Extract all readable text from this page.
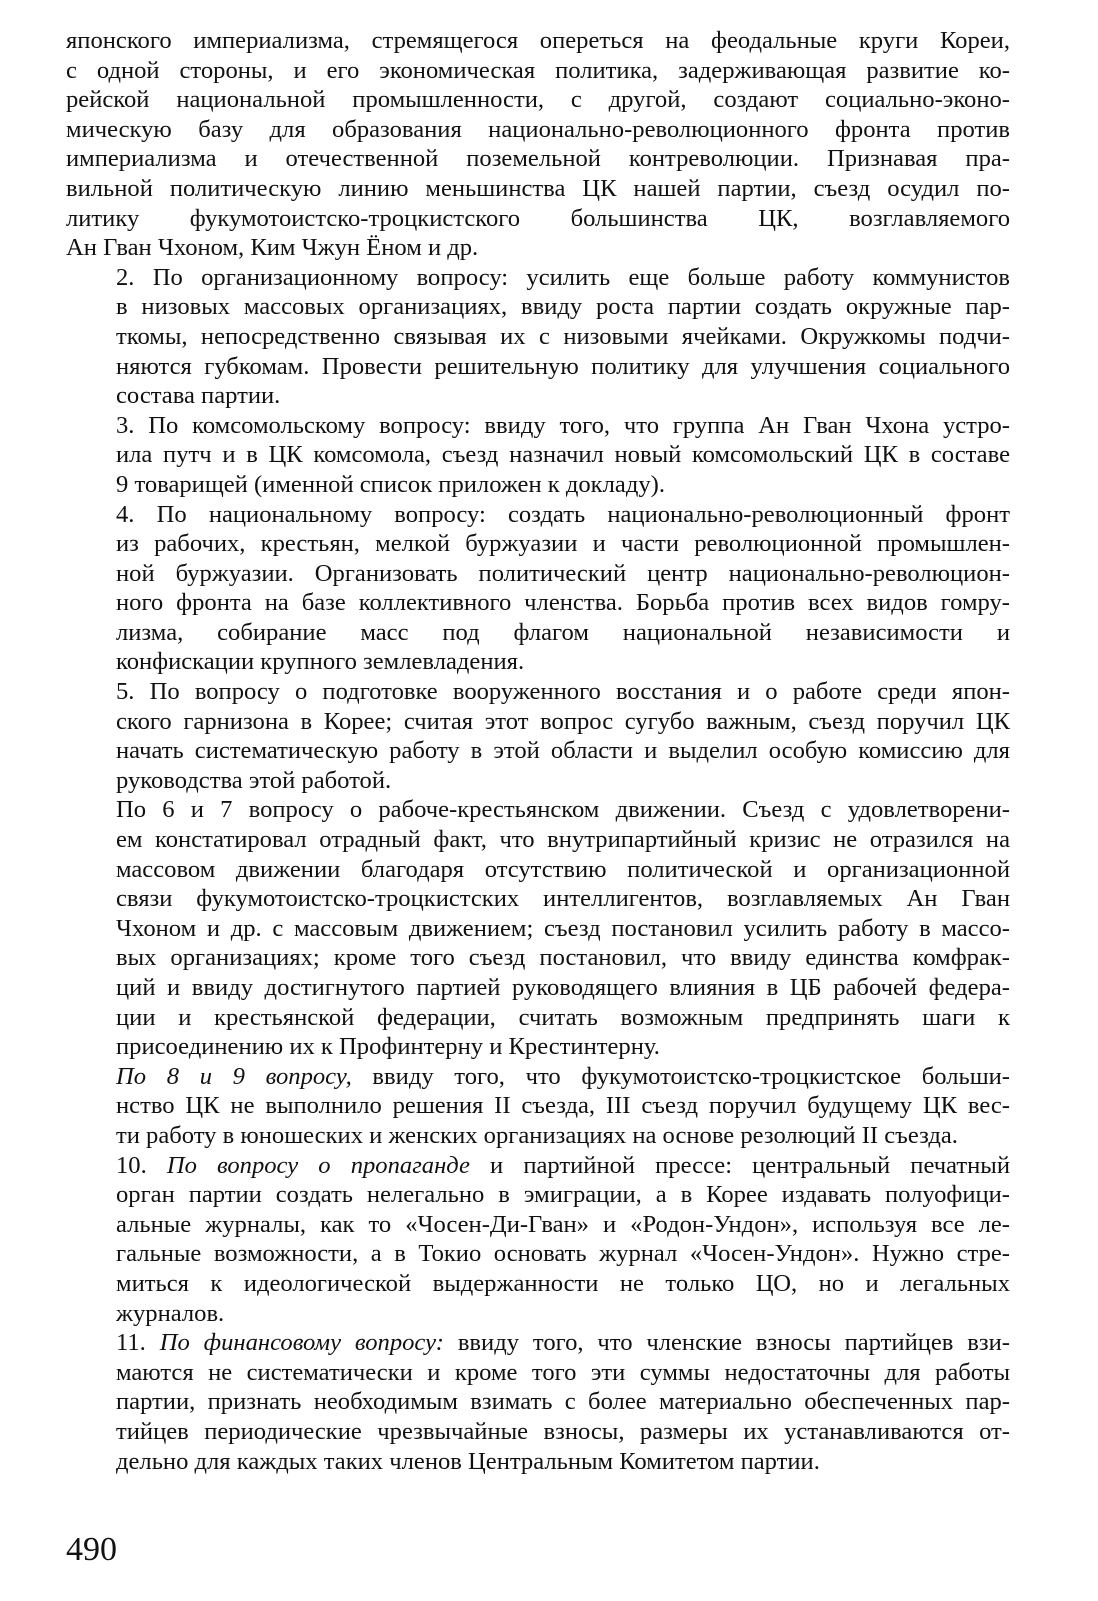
японского империализма, стремящегося опереться на феодальные круги Кореи,
с одной стороны, и его экономическая политика, задерживающая развитие ко-
рейской национальной промышленности, с другой, создают социально-эконо-
мическую базу для образования национально-революционного фронта против
империализма и отечественной поземельной контреволюции. Признавая пра-
вильной политическую линию меньшинства ЦК нашей партии, съезд осудил по-
литику фукумотоистско-троцкистского большинства ЦК, возглавляемого
Ан Гван Чхоном, Ким Чжун Ёном и др.

2. По организационному вопросу: усилить еще больше работу коммунистов
в низовых массовых организациях, ввиду роста партии создать окружные пар-
ткомы, непосредственно связывая их с низовыми ячейками. Окружкомы подчи-
няются губкомам. Провести решительную политику для улучшения социального
состава партии.

3. По комсомольскому вопросу: ввиду того, что группа Ан Гван Чхона устро-
ила путч и в ЦК комсомола, съезд назначил новый комсомольский ЦК в составе
9 товарищей (именной список приложен к докладу).

4. По национальному вопросу: создать национально-революционный фронт
из рабочих, крестьян, мелкой буржуазии и части революционной промышлен-
ной буржуазии. Организовать политический центр национально-революцион-
ного фронта на базе коллективного членства. Борьба против всех видов гомру-
лизма, собирание масс под флагом национальной независимости и
конфискации крупного землевладения.

5. По вопросу о подготовке вооруженного восстания и о работе среди япон-
ского гарнизона в Корее; считая этот вопрос сугубо важным, съезд поручил ЦК
начать систематическую работу в этой области и выделил особую комиссию для
руководства этой работой.

По 6 и 7 вопросу о рабоче-крестьянском движении. Съезд с удовлетворени-
ем констатировал отрадный факт, что внутрипартийный кризис не отразился на
массовом движении благодаря отсутствию политической и организационной
связи фукумотоистско-троцкистских интеллигентов, возглавляемых Ан Гван
Чхоном и др. с массовым движением; съезд постановил усилить работу в массо-
вых организациях; кроме того съезд постановил, что ввиду единства комфрак-
ций и ввиду достигнутого партией руководящего влияния в ЦБ рабочей федера-
ции и крестьянской федерации, считать возможным предпринять шаги к
присоединению их к Профинтерну и Крестинтерну.

По 8 и 9 вопросу, ввиду того, что фукумотоистско-троцкистское больши-
нство ЦК не выполнило решения II съезда, III съезд поручил будущему ЦК вес-
ти работу в юношеских и женских организациях на основе резолюций II съезда.

10. По вопросу о пропаганде и партийной прессе: центральный печатный
орган партии создать нелегально в эмиграции, а в Корее издавать полуофици-
альные журналы, как то «Чосен-Ди-Гван» и «Родон-Ундон», используя все ле-
гальные возможности, а в Токио основать журнал «Чосен-Ундон». Нужно стре-
миться к идеологической выдержанности не только ЦО, но и легальных
журналов.

11. По финансовому вопросу: ввиду того, что членские взносы партийцев взи-
маются не систематически и кроме того эти суммы недостаточны для работы
партии, признать необходимым взимать с более материально обеспеченных пар-
тийцев периодические чрезвычайные взносы, размеры их устанавливаются от-
дельно для каждых таких членов Центральным Комитетом партии.

490
